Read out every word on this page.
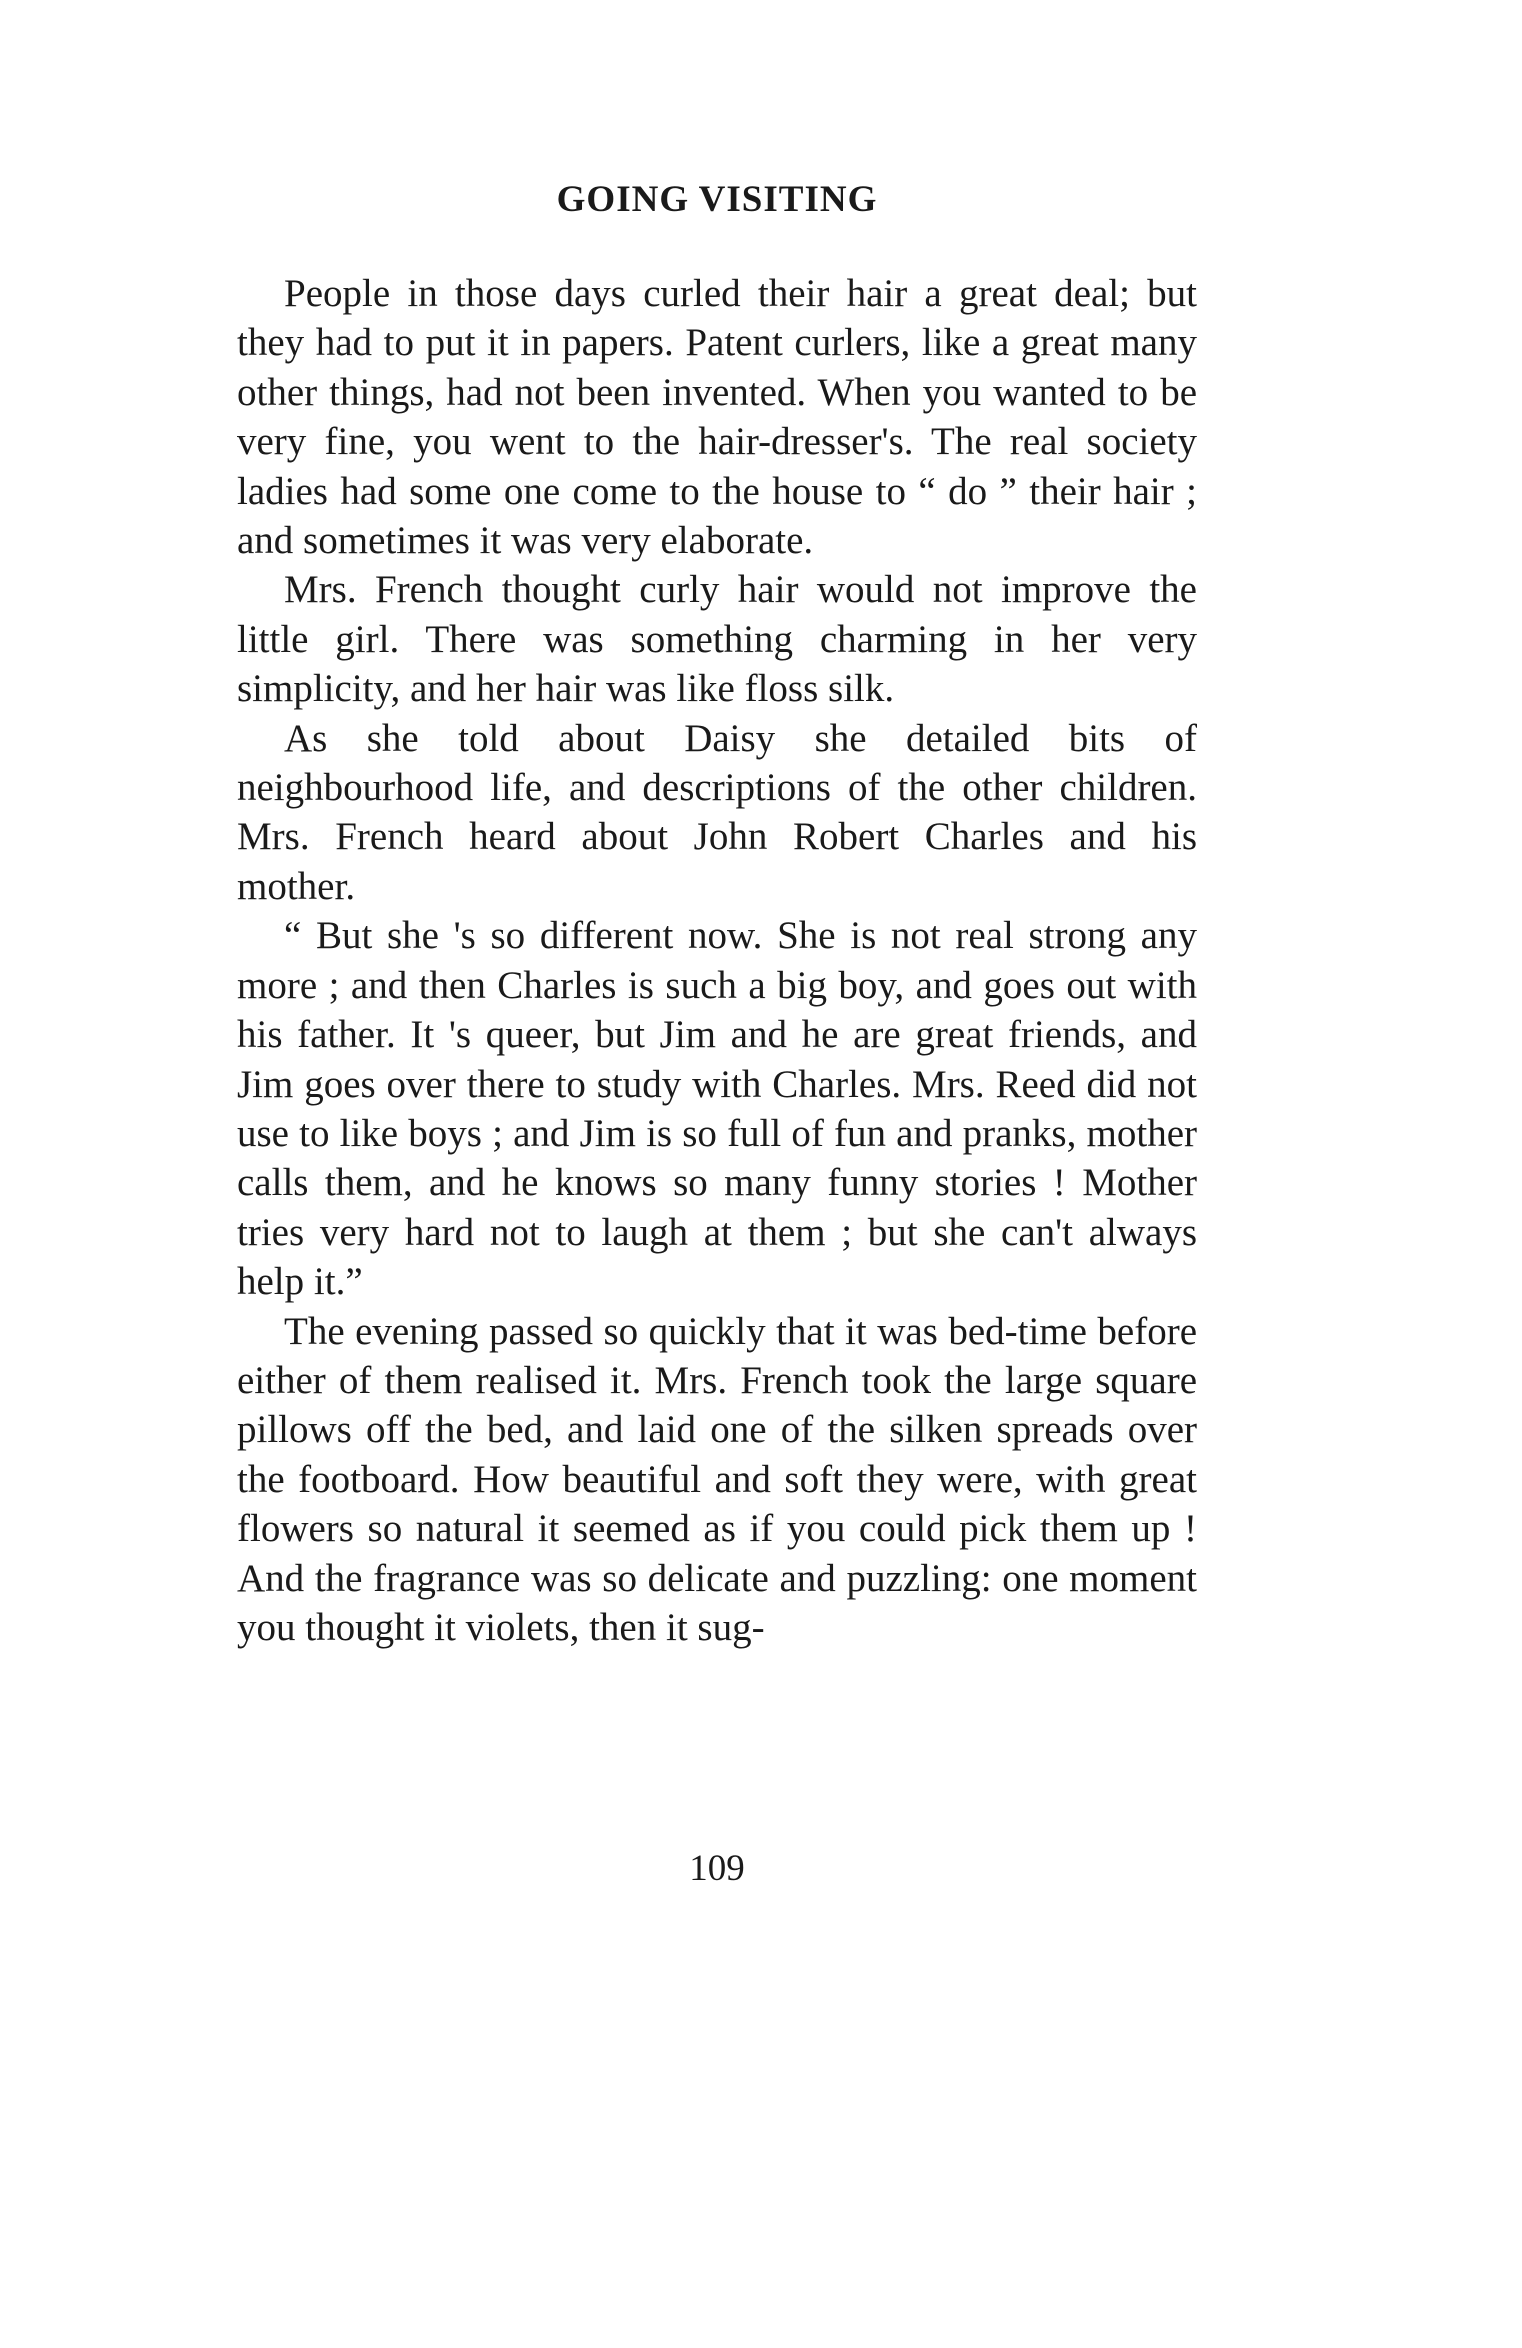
GOING VISITING

People in those days curled their hair a great deal; but they had to put it in papers. Patent curlers, like a great many other things, had not been invented. When you wanted to be very fine, you went to the hair-dresser's. The real society ladies had some one come to the house to “ do ” their hair ; and sometimes it was very elaborate.

Mrs. French thought curly hair would not improve the little girl. There was something charming in her very simplicity, and her hair was like floss silk.

As she told about Daisy she detailed bits of neighbourhood life, and descriptions of the other children. Mrs. French heard about John Robert Charles and his mother.

“ But she 's so different now. She is not real strong any more ; and then Charles is such a big boy, and goes out with his father. It 's queer, but Jim and he are great friends, and Jim goes over there to study with Charles. Mrs. Reed did not use to like boys ; and Jim is so full of fun and pranks, mother calls them, and he knows so many funny stories ! Mother tries very hard not to laugh at them ; but she can't always help it.”

The evening passed so quickly that it was bed-time before either of them realised it. Mrs. French took the large square pillows off the bed, and laid one of the silken spreads over the footboard. How beautiful and soft they were, with great flowers so natural it seemed as if you could pick them up ! And the fragrance was so delicate and puzzling: one moment you thought it violets, then it sug-

109
